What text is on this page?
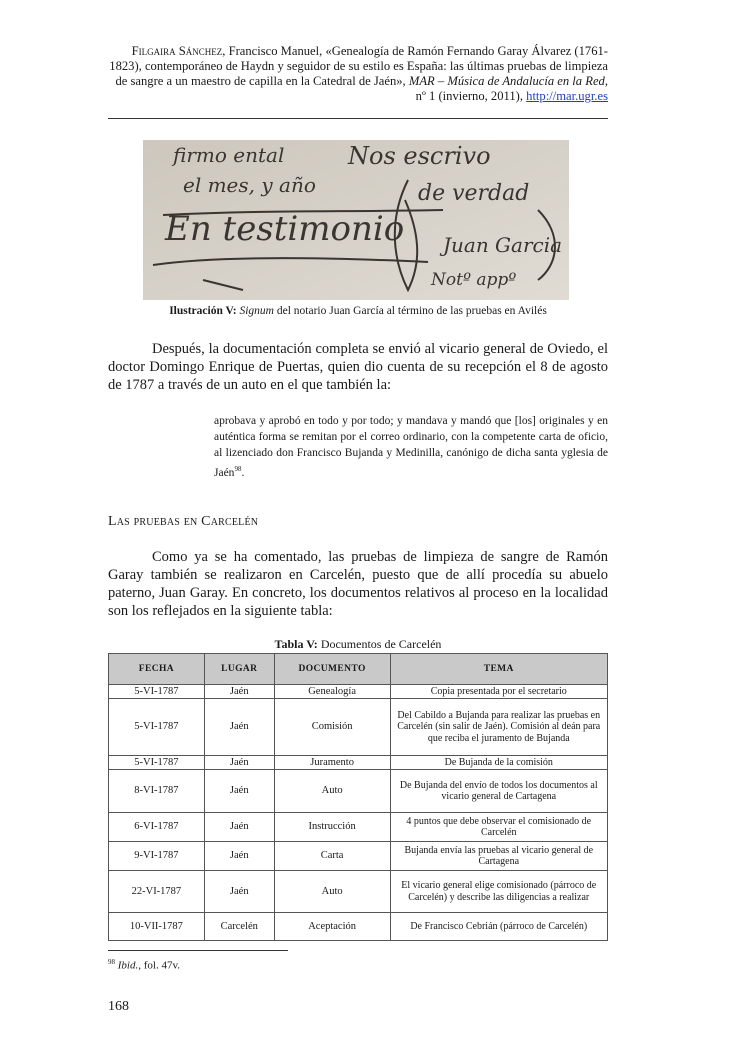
Filgaira Sánchez, Francisco Manuel, «Genealogía de Ramón Fernando Garay Álvarez (1761-1823), contemporáneo de Haydn y seguidor de su estilo es España: las últimas pruebas de limpieza de sangre a un maestro de capilla en la Catedral de Jaén», MAR – Música de Andalucía en la Red, nº 1 (invierno, 2011), http://mar.ugr.es
firmo ental	Nos escrivo
el mes, y año
En testimonio
de verdad
Juan Garcia
Notº appº
Ilustración V: Signum del notario Juan García al término de las pruebas en Avilés
Después, la documentación completa se envió al vicario general de Oviedo, el doctor Domingo Enrique de Puertas, quien dio cuenta de su recepción el 8 de agosto de 1787 a través de un auto en el que también la:
aprobava y aprobó en todo y por todo; y mandava y mandó que [los] originales y en auténtica forma se remitan por el correo ordinario, con la competente carta de oficio, al lizenciado don Francisco Bujanda y Medinilla, canónigo de dicha santa yglesia de Jaén$^{98}$.
Las pruebas en Carcelén
Como ya se ha comentado, las pruebas de limpieza de sangre de Ramón Garay también se realizaron en Carcelén, puesto que de allí procedía su abuelo paterno, Juan Garay. En concreto, los documentos relativos al proceso en la localidad son los reflejados en la siguiente tabla:
Tabla V: Documentos de Carcelén
FECHA	LUGAR	DOCUMENTO	TEMA
5-VI-1787	Jaén	Genealogía	Copia presentada por el secretario
5-VI-1787	Jaén	Comisión	Del Cabildo a Bujanda para realizar las pruebas en Carcelén (sin salir de Jaén). Comisión al deán para que reciba el juramento de Bujanda
5-VI-1787	Jaén	Juramento	De Bujanda de la comisión
8-VI-1787	Jaén	Auto	De Bujanda del envío de todos los documentos al vicario general de Cartagena
6-VI-1787	Jaén	Instrucción	4 puntos que debe observar el comisionado de Carcelén
9-VI-1787	Jaén	Carta	Bujanda envía las pruebas al vicario general de Cartagena
22-VI-1787	Jaén	Auto	El vicario general elige comisionado (párroco de Carcelén) y describe las diligencias a realizar
10-VII-1787	Carcelén	Aceptación	De Francisco Cebrián (párroco de Carcelén)
$^{98}$ Ibid., fol. 47v.
168
